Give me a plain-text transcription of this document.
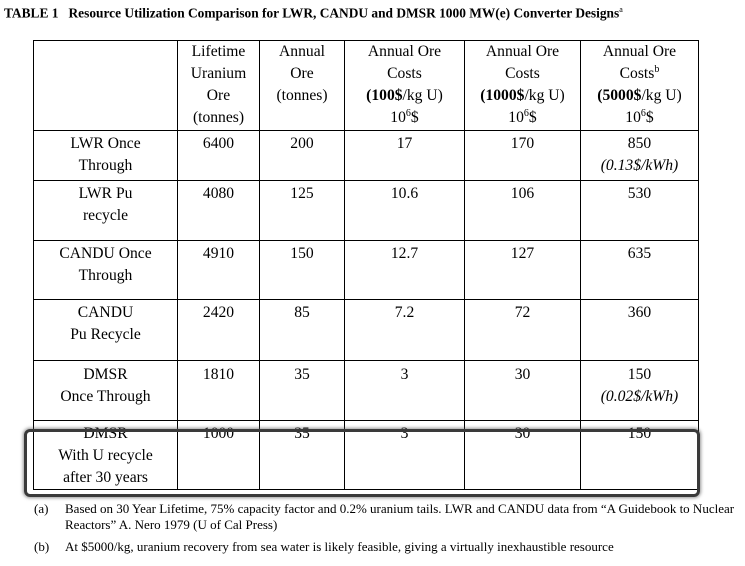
TABLE 1 Resource Utilization Comparison for LWR, CANDU and DMSR 1000 MW(e) Converter Designs$^a$
	Lifetime
Uranium
Ore
(tonnes)	Annual
Ore
(tonnes)	Annual Ore
Costs
(100$/kg U)
$10^6\$$	Annual Ore
Costs
(1000$/kg U)
$10^6\$$	Annual Ore
Costs$^b$
(5000$/kg U)
$10^6\$$
LWR Once
Through	6400	200	17	170	850
(0.13$/kWh)
LWR Pu
recycle	4080	125	10.6	106	530
CANDU Once
Through	4910	150	12.7	127	635
CANDU
Pu Recycle	2420	85	7.2	72	360
DMSR
Once Through	1810	35	3	30	150
(0.02$/kWh)
DMSR
With U recycle
after 30 years	1000	35	3	30	150
(a) Based on 30 Year Lifetime, 75% capacity factor and 0.2% uranium tails. LWR and CANDU data from “A Guidebook to Nuclear Reactors” A. Nero 1979 (U of Cal Press)
(b) At $5000/kg, uranium recovery from sea water is likely feasible, giving a virtually inexhaustible resource
